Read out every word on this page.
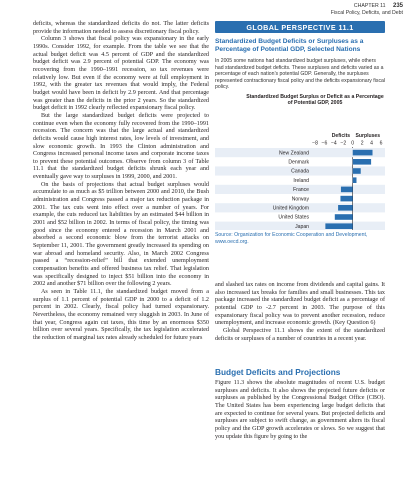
CHAPTER 11 235
Fiscal Policy, Deficits, and Debt

deficits, whereas the standardized deficits do not. The latter deficits provide the information needed to assess discretionary fiscal policy.

Column 3 shows that fiscal policy was expansionary in the early 1990s. Consider 1992, for example. From the table we see that the actual budget deficit was 4.5 percent of GDP and the standardized budget deficit was 2.9 percent of potential GDP. The economy was recovering from the 1990–1991 recession, so tax revenues were relatively low. But even if the economy were at full employment in 1992, with the greater tax revenues that would imply, the Federal budget would have been in deficit by 2.9 percent. And that percentage was greater than the deficits in the prior 2 years. So the standardized budget deficit in 1992 clearly reflected expansionary fiscal policy.

But the large standardized budget deficits were projected to continue even when the economy fully recovered from the 1990–1991 recession. The concern was that the large actual and standardized deficits would cause high interest rates, low levels of investment, and slow economic growth. In 1993 the Clinton administration and Congress increased personal income taxes and corporate income taxes to prevent these potential outcomes. Observe from column 3 of Table 11.1 that the standardized budget deficits shrunk each year and eventually gave way to surpluses in 1999, 2000, and 2001.

On the basis of projections that actual budget surpluses would accumulate to as much as $5 trillion between 2000 and 2010, the Bush administration and Congress passed a major tax reduction package in 2001. The tax cuts went into effect over a number of years. For example, the cuts reduced tax liabilities by an estimated $44 billion in 2001 and $52 billion in 2002. In terms of fiscal policy, the timing was good since the economy entered a recession in March 2001 and absorbed a second economic blow from the terrorist attacks on September 11, 2001. The government greatly increased its spending on war abroad and homeland security. Also, in March 2002 Congress passed a “recession-relief” bill that extended unemployment compensation benefits and offered business tax relief. That legislation was specifically designed to inject $51 billion into the economy in 2002 and another $71 billion over the following 2 years.

As seen in Table 11.1, the standardized budget moved from a surplus of 1.1 percent of potential GDP in 2000 to a deficit of 1.2 percent in 2002. Clearly, fiscal policy had turned expansionary. Nevertheless, the economy remained very sluggish in 2003. In June of that year, Congress again cut taxes, this time by an enormous $350 billion over several years. Specifically, the tax legislation accelerated the reduction of marginal tax rates already scheduled for future years

GLOBAL PERSPECTIVE 11.1
Standardized Budget Deficits or Surpluses as a Percentage of Potential GDP, Selected Nations
In 2005 some nations had standardized budget surpluses, while others had standardized budget deficits. These surpluses and deficits varied as a percentage of each nation’s potential GDP. Generally, the surpluses represented contractionary fiscal policy and the deficits expansionary fiscal policy.
Standardized Budget Surplus or Deficit as a Percentage of Potential GDP, 2005
2 4 6
Deficits Surpluses
−8 −6 −4 −2 0
New Zealand
Denmark
Canada
Ireland
France
Norway
United Kingdom
United States
Japan
Source: Organization for Economic Cooperation and Development, www.oecd.org.

and slashed tax rates on income from dividends and capital gains. It also increased tax breaks for families and small businesses. This tax package increased the standardized budget deficit as a percentage of potential GDP to -2.7 percent in 2003. The purpose of this expansionary fiscal policy was to prevent another recession, reduce unemployment, and increase economic growth. (Key Question 6)

Global Perspective 11.1 shows the extent of the standardized deficits or surpluses of a number of countries in a recent year.

Budget Deficits and Projections

Figure 11.3 shows the absolute magnitudes of recent U.S. budget surpluses and deficits. It also shows the projected future deficits or surpluses as published by the Congressional Budget Office (CBO). The United States has been experiencing large budget deficits that are expected to continue for several years. But projected deficits and surpluses are subject to swift change, as government alters its fiscal policy and the GDP growth accelerates or slows. So we suggest that you update this figure by going to the
